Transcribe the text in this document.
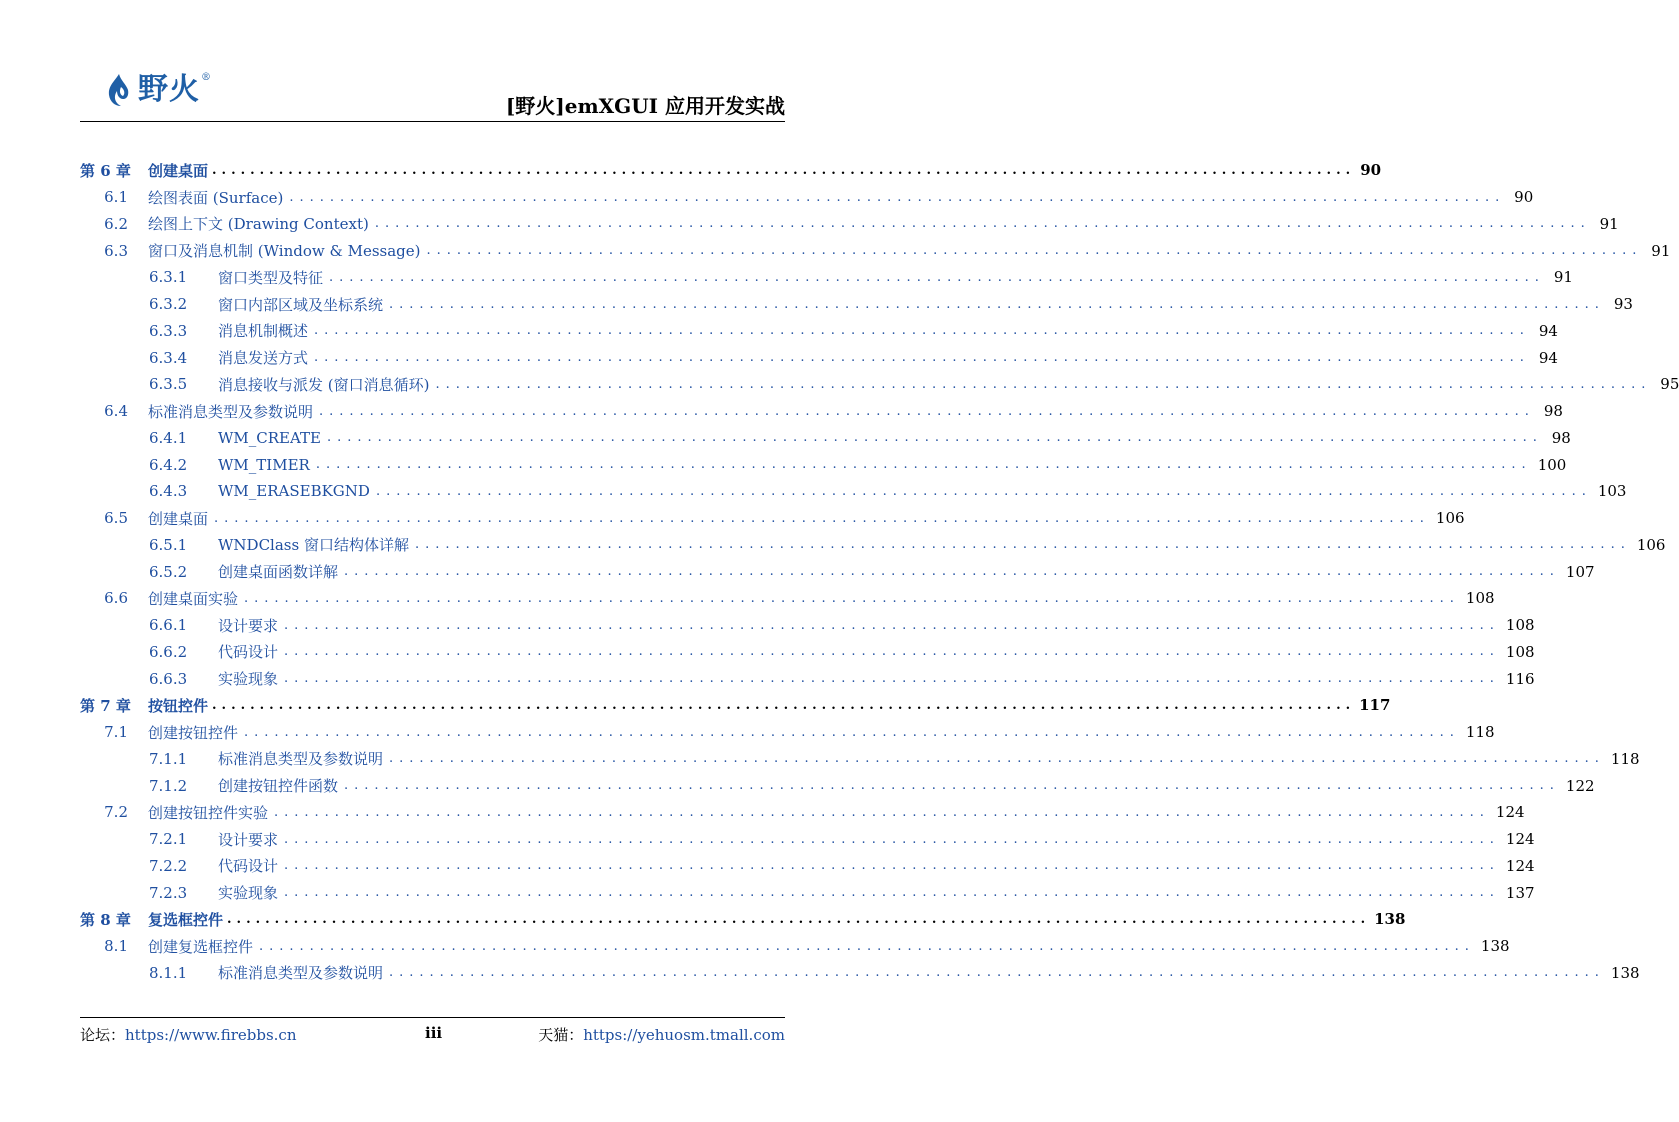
野火 ®
[野火]emXGUI 应用开发实战
第 6 章	创建桌面 ........................................................................................................................ 90
6.1	绘图表面 (Surface) ........................................................................................................................ 90
6.2	绘图上下文 (Drawing Context) ........................................................................................................................ 91
6.3	窗口及消息机制 (Window & Message) ........................................................................................................................ 91
6.3.1	窗口类型及特征 ........................................................................................................................ 91
6.3.2	窗口内部区域及坐标系统 ........................................................................................................................ 93
6.3.3	消息机制概述 ........................................................................................................................ 94
6.3.4	消息发送方式 ........................................................................................................................ 94
6.3.5	消息接收与派发 (窗口消息循环) ........................................................................................................................ 95
6.4	标准消息类型及参数说明 ........................................................................................................................ 98
6.4.1	WM_CREATE ........................................................................................................................ 98
6.4.2	WM_TIMER ........................................................................................................................ 100
6.4.3	WM_ERASEBKGND ........................................................................................................................ 103
6.5	创建桌面 ........................................................................................................................ 106
6.5.1	WNDClass 窗口结构体详解 ........................................................................................................................ 106
6.5.2	创建桌面函数详解 ........................................................................................................................ 107
6.6	创建桌面实验 ........................................................................................................................ 108
6.6.1	设计要求 ........................................................................................................................ 108
6.6.2	代码设计 ........................................................................................................................ 108
6.6.3	实验现象 ........................................................................................................................ 116
第 7 章	按钮控件 ........................................................................................................................ 117
7.1	创建按钮控件 ........................................................................................................................ 118
7.1.1	标准消息类型及参数说明 ........................................................................................................................ 118
7.1.2	创建按钮控件函数 ........................................................................................................................ 122
7.2	创建按钮控件实验 ........................................................................................................................ 124
7.2.1	设计要求 ........................................................................................................................ 124
7.2.2	代码设计 ........................................................................................................................ 124
7.2.3	实验现象 ........................................................................................................................ 137
第 8 章	复选框控件 ........................................................................................................................ 138
8.1	创建复选框控件 ........................................................................................................................ 138
8.1.1	标准消息类型及参数说明 ........................................................................................................................ 138
论坛：https://www.firebbs.cn	iii	天猫：https://yehuosm.tmall.com
